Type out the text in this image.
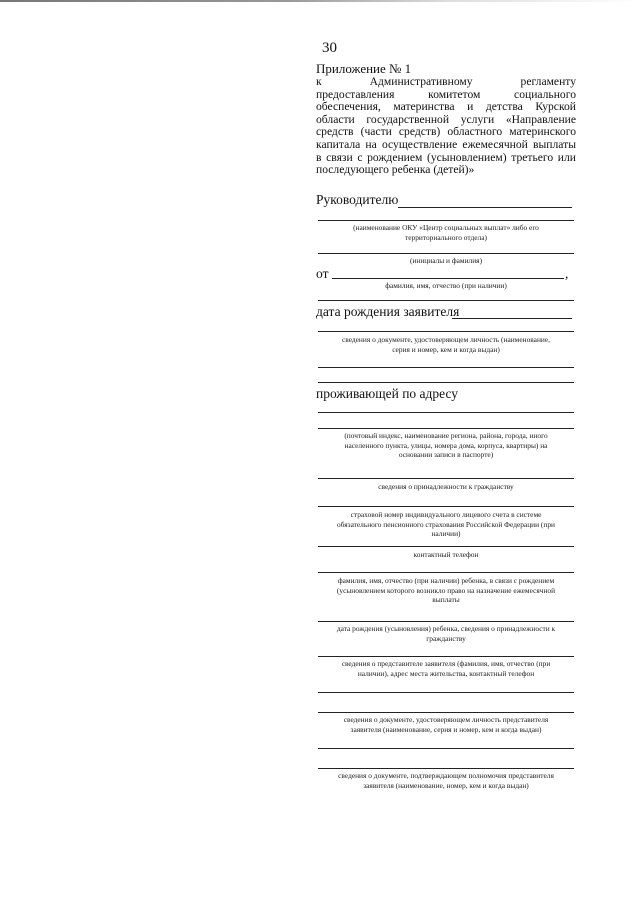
30
Приложение № 1
к Административному регламенту
предоставления комитетом социального
обеспечения, материнства и детства Курской
области государственной услуги «Направление
средств (части средств) областного материнского
капитала на осуществление ежемесячной выплаты
в связи с рождением (усыновлением) третьего или
последующего ребенка (детей)»
Руководителю
(наименование ОКУ «Центр социальных выплат» либо его
территориального отдела)
(инициалы и фамилия)
от	,
фамилия, имя, отчество (при наличии)
дата рождения заявителя
сведения о документе, удостоверяющем личность (наименование,
серия и номер, кем и когда выдан)
проживающей по адресу
(почтовый индекс, наименование региона, района, города, иного
населенного пункта, улицы, номера дома, корпуса, квартиры) на
основании записи в паспорте)
сведения о принадлежности к гражданству
страховой номер индивидуального лицевого счета в системе
обязательного пенсионного страхования Российской Федерации (при
наличии)
контактный телефон
фамилия, имя, отчество (при наличии) ребенка, в связи с рождением
(усыновлением которого возникло право на назначение ежемесячной
выплаты
дата рождения (усыновления) ребенка, сведения о принадлежности к
гражданству
сведения о представителе заявителя (фамилия, имя, отчество (при
наличии), адрес места жительства, контактный телефон
сведения о документе, удостоверяющем личность представителя
заявителя (наименование, серия и номер, кем и когда выдан)
сведения о документе, подтверждающем полномочия представителя
заявителя (наименование, номер, кем и когда выдан)
